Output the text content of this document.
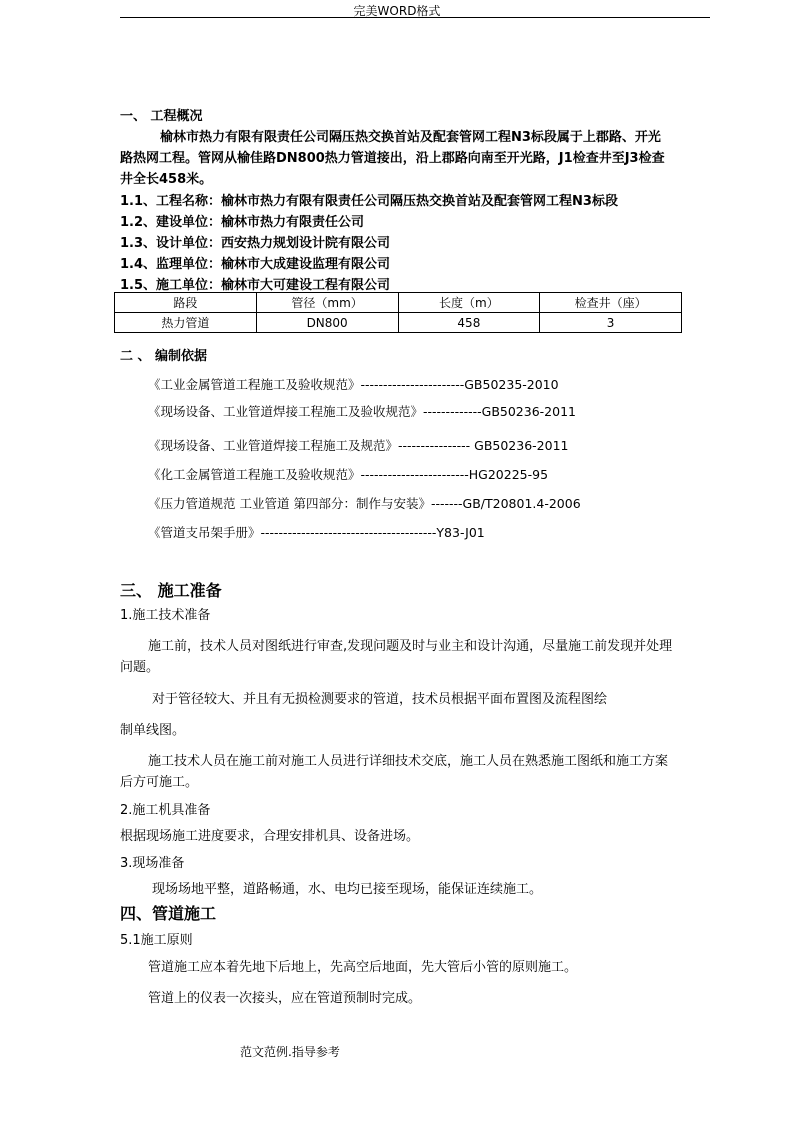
完美WORD格式
一、 工程概况
榆林市热力有限有限责任公司隔压热交换首站及配套管网工程N3标段属于上郡路、开光
路热网工程。管网从榆佳路DN800热力管道接出，沿上郡路向南至开光路，J1检查井至J3检查
井全长458米。
1.1、工程名称：榆林市热力有限有限责任公司隔压热交换首站及配套管网工程N3标段
1.2、建设单位：榆林市热力有限责任公司
1.3、设计单位：西安热力规划设计院有限公司
1.4、监理单位：榆林市大成建设监理有限公司
1.5、施工单位：榆林市大可建设工程有限公司
路段	管径（mm）	长度（m）	检查井（座）
热力管道	DN800	458	3
二 、 编制依据
《工业金属管道工程施工及验收规范》-----------------------GB50235-2010
《现场设备、工业管道焊接工程施工及验收规范》-------------GB50236-2011
《现场设备、工业管道焊接工程施工及规范》---------------- GB50236-2011
《化工金属管道工程施工及验收规范》------------------------HG20225-95
《压力管道规范 工业管道 第四部分：制作与安装》-------GB/T20801.4-2006
《管道支吊架手册》---------------------------------------Y83-J01
三、 施工准备
1.施工技术准备
施工前，技术人员对图纸进行审查,发现问题及时与业主和设计沟通，尽量施工前发现并处理
问题。
对于管径较大、并且有无损检测要求的管道，技术员根据平面布置图及流程图绘
制单线图。
施工技术人员在施工前对施工人员进行详细技术交底，施工人员在熟悉施工图纸和施工方案
后方可施工。
2.施工机具准备
根据现场施工进度要求，合理安排机具、设备进场。
3.现场准备
现场场地平整，道路畅通，水、电均已接至现场，能保证连续施工。
四、管道施工
5.1施工原则
管道施工应本着先地下后地上，先高空后地面，先大管后小管的原则施工。
管道上的仪表一次接头，应在管道预制时完成。
范文范例.指导参考
